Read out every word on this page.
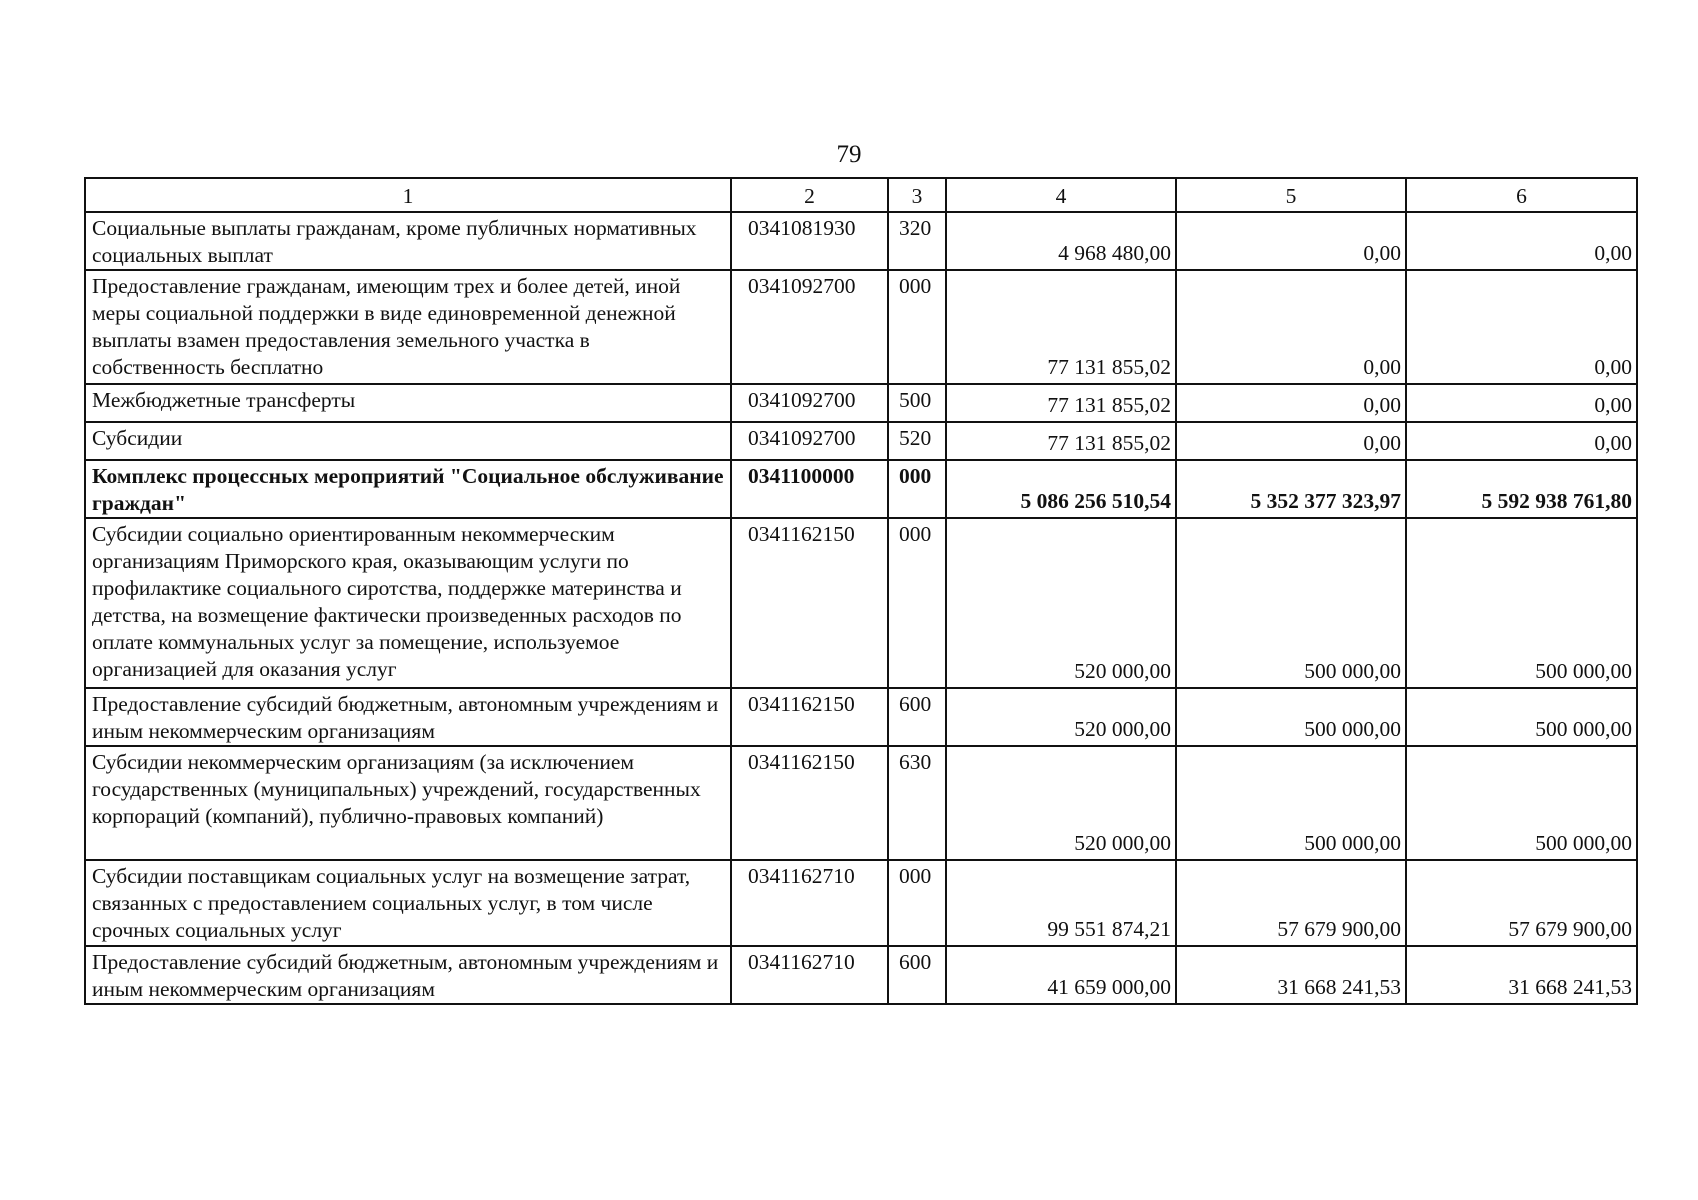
79
1	2	3	4	5	6
Социальные выплаты гражданам, кроме публичных нормативных социальных выплат	0341081930	320	4 968 480,00	0,00	0,00
Предоставление гражданам, имеющим трех и более детей, иной меры социальной поддержки в виде единовременной денежной выплаты взамен предоставления земельного участка в собственность бесплатно	0341092700	000	77 131 855,02	0,00	0,00
Межбюджетные трансферты	0341092700	500	77 131 855,02	0,00	0,00
Субсидии	0341092700	520	77 131 855,02	0,00	0,00
Комплекс процессных мероприятий "Социальное обслуживание граждан"	0341100000	000	5 086 256 510,54	5 352 377 323,97	5 592 938 761,80
Субсидии социально ориентированным некоммерческим организациям Приморского края, оказывающим услуги по профилактике социального сиротства, поддержке материнства и детства, на возмещение фактически произведенных расходов по оплате коммунальных услуг за помещение, используемое организацией для оказания услуг	0341162150	000	520 000,00	500 000,00	500 000,00
Предоставление субсидий бюджетным, автономным учреждениям и иным некоммерческим организациям	0341162150	600	520 000,00	500 000,00	500 000,00
Субсидии некоммерческим организациям (за исключением государственных (муниципальных) учреждений, государственных корпораций (компаний), публично-правовых компаний)	0341162150	630	520 000,00	500 000,00	500 000,00
Субсидии поставщикам социальных услуг на возмещение затрат, связанных с предоставлением социальных услуг, в том числе срочных социальных услуг	0341162710	000	99 551 874,21	57 679 900,00	57 679 900,00
Предоставление субсидий бюджетным, автономным учреждениям и иным некоммерческим организациям	0341162710	600	41 659 000,00	31 668 241,53	31 668 241,53
